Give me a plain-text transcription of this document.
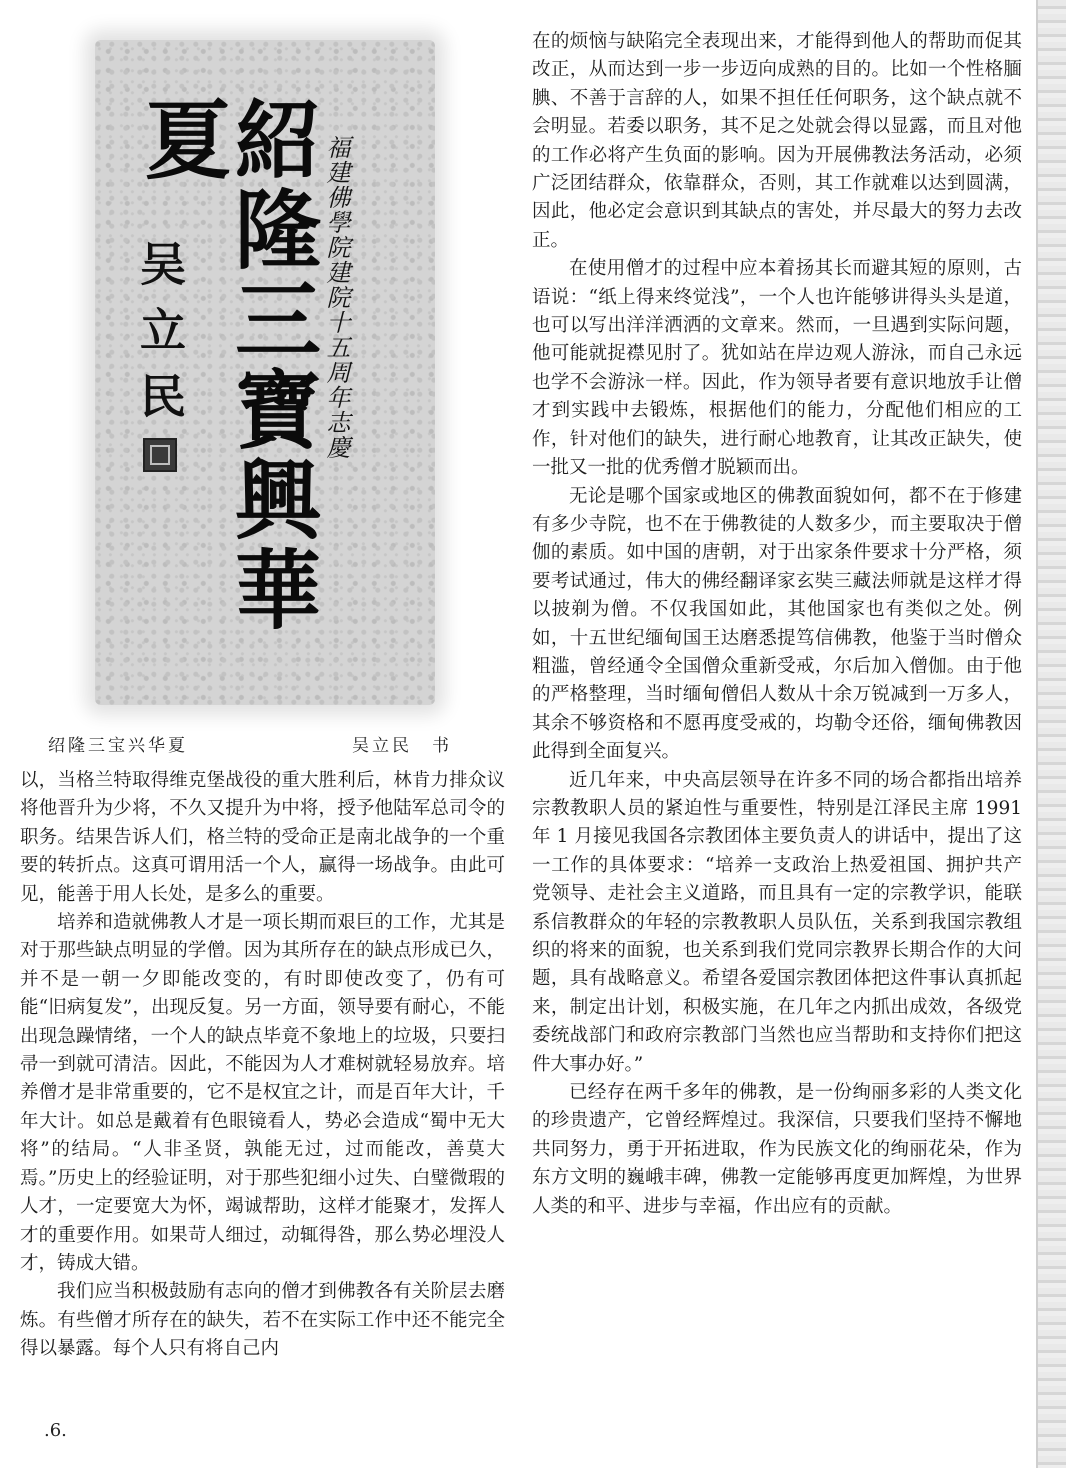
紹隆三寶興華夏	福建佛學院建院十五周年志慶
吴立民
绍隆三宝兴华夏	吴立民　书

以，当格兰特取得维克堡战役的重大胜利后，林肯力排众议将他晋升为少将，不久又提升为中将，授予他陆军总司令的职务。结果告诉人们，格兰特的受命正是南北战争的一个重要的转折点。这真可谓用活一个人，赢得一场战争。由此可见，能善于用人长处，是多么的重要。

培养和造就佛教人才是一项长期而艰巨的工作，尤其是对于那些缺点明显的学僧。因为其所存在的缺点形成已久，并不是一朝一夕即能改变的，有时即使改变了，仍有可能“旧病复发”，出现反复。另一方面，领导要有耐心，不能出现急躁情绪，一个人的缺点毕竟不象地上的垃圾，只要扫帚一到就可清洁。因此，不能因为人才难树就轻易放弃。培养僧才是非常重要的，它不是权宜之计，而是百年大计，千年大计。如总是戴着有色眼镜看人，势必会造成“蜀中无大将”的结局。“人非圣贤，孰能无过，过而能改，善莫大焉。”历史上的经验证明，对于那些犯细小过失、白璧微瑕的人才，一定要宽大为怀，竭诚帮助，这样才能聚才，发挥人才的重要作用。如果苛人细过，动辄得咎，那么势必埋没人才，铸成大错。

我们应当积极鼓励有志向的僧才到佛教各有关阶层去磨炼。有些僧才所存在的缺失，若不在实际工作中还不能完全得以暴露。每个人只有将自己内

在的烦恼与缺陷完全表现出来，才能得到他人的帮助而促其改正，从而达到一步一步迈向成熟的目的。比如一个性格腼腆、不善于言辞的人，如果不担任任何职务，这个缺点就不会明显。若委以职务，其不足之处就会得以显露，而且对他的工作必将产生负面的影响。因为开展佛教法务活动，必须广泛团结群众，依靠群众，否则，其工作就难以达到圆满，因此，他必定会意识到其缺点的害处，并尽最大的努力去改正。

在使用僧才的过程中应本着扬其长而避其短的原则，古语说：“纸上得来终觉浅”，一个人也许能够讲得头头是道，也可以写出洋洋洒洒的文章来。然而，一旦遇到实际问题，他可能就捉襟见肘了。犹如站在岸边观人游泳，而自己永远也学不会游泳一样。因此，作为领导者要有意识地放手让僧才到实践中去锻炼，根据他们的能力，分配他们相应的工作，针对他们的缺失，进行耐心地教育，让其改正缺失，使一批又一批的优秀僧才脱颖而出。

无论是哪个国家或地区的佛教面貌如何，都不在于修建有多少寺院，也不在于佛教徒的人数多少，而主要取决于僧伽的素质。如中国的唐朝，对于出家条件要求十分严格，须要考试通过，伟大的佛经翻译家玄奘三藏法师就是这样才得以披剃为僧。不仅我国如此，其他国家也有类似之处。例如，十五世纪缅甸国王达磨悉提笃信佛教，他鉴于当时僧众粗滥，曾经通令全国僧众重新受戒，尔后加入僧伽。由于他的严格整理，当时缅甸僧侣人数从十余万锐减到一万多人，其余不够资格和不愿再度受戒的，均勒令还俗，缅甸佛教因此得到全面复兴。

近几年来，中央高层领导在许多不同的场合都指出培养宗教教职人员的紧迫性与重要性，特别是江泽民主席 1991 年 1 月接见我国各宗教团体主要负责人的讲话中，提出了这一工作的具体要求：“培养一支政治上热爱祖国、拥护共产党领导、走社会主义道路，而且具有一定的宗教学识，能联系信教群众的年轻的宗教教职人员队伍，关系到我国宗教组织的将来的面貌，也关系到我们党同宗教界长期合作的大问题，具有战略意义。希望各爱国宗教团体把这件事认真抓起来，制定出计划，积极实施，在几年之内抓出成效，各级党委统战部门和政府宗教部门当然也应当帮助和支持你们把这件大事办好。”

已经存在两千多年的佛教，是一份绚丽多彩的人类文化的珍贵遗产，它曾经辉煌过。我深信，只要我们坚持不懈地共同努力，勇于开拓进取，作为民族文化的绚丽花朵，作为东方文明的巍峨丰碑，佛教一定能够再度更加辉煌，为世界人类的和平、进步与幸福，作出应有的贡献。

.6.
